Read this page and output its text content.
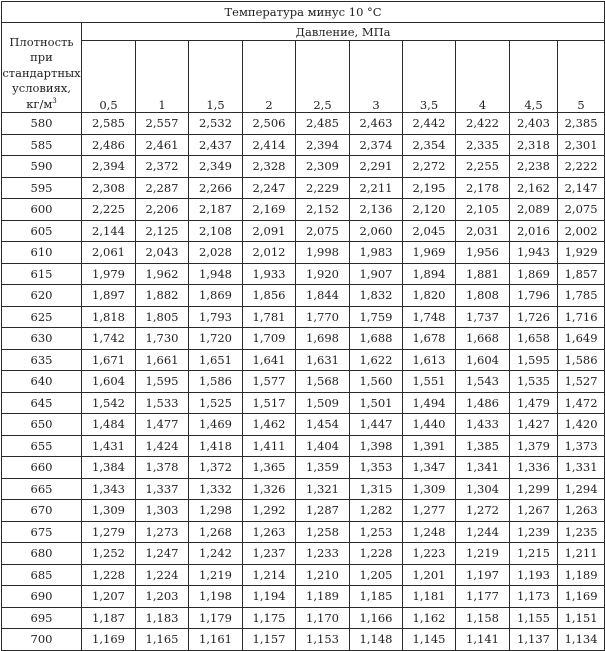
Температура минус 10 °С										
Плотность
при
стандартных
условиях,
$кг/м^3$	Давление, МПа									
	0,5	1	1,5	2	2,5	3	3,5	4	4,5	5
580	2,585	2,557	2,532	2,506	2,485	2,463	2,442	2,422	2,403	2,385
585	2,486	2,461	2,437	2,414	2,394	2,374	2,354	2,335	2,318	2,301
590	2,394	2,372	2,349	2,328	2,309	2,291	2,272	2,255	2,238	2,222
595	2,308	2,287	2,266	2,247	2,229	2,211	2,195	2,178	2,162	2,147
600	2,225	2,206	2,187	2,169	2,152	2,136	2,120	2,105	2,089	2,075
605	2,144	2,125	2,108	2,091	2,075	2,060	2,045	2,031	2,016	2,002
610	2,061	2,043	2,028	2,012	1,998	1,983	1,969	1,956	1,943	1,929
615	1,979	1,962	1,948	1,933	1,920	1,907	1,894	1,881	1,869	1,857
620	1,897	1,882	1,869	1,856	1,844	1,832	1,820	1,808	1,796	1,785
625	1,818	1,805	1,793	1,781	1,770	1,759	1,748	1,737	1,726	1,716
630	1,742	1,730	1,720	1,709	1,698	1,688	1,678	1,668	1,658	1,649
635	1,671	1,661	1,651	1,641	1,631	1,622	1,613	1,604	1,595	1,586
640	1,604	1,595	1,586	1,577	1,568	1,560	1,551	1,543	1,535	1,527
645	1,542	1,533	1,525	1,517	1,509	1,501	1,494	1,486	1,479	1,472
650	1,484	1,477	1,469	1,462	1,454	1,447	1,440	1,433	1,427	1,420
655	1,431	1,424	1,418	1,411	1,404	1,398	1,391	1,385	1,379	1,373
660	1,384	1,378	1,372	1,365	1,359	1,353	1,347	1,341	1,336	1,331
665	1,343	1,337	1,332	1,326	1,321	1,315	1,309	1,304	1,299	1,294
670	1,309	1,303	1,298	1,292	1,287	1,282	1,277	1,272	1,267	1,263
675	1,279	1,273	1,268	1,263	1,258	1,253	1,248	1,244	1,239	1,235
680	1,252	1,247	1,242	1,237	1,233	1,228	1,223	1,219	1,215	1,211
685	1,228	1,224	1,219	1,214	1,210	1,205	1,201	1,197	1,193	1,189
690	1,207	1,203	1,198	1,194	1,189	1,185	1,181	1,177	1,173	1,169
695	1,187	1,183	1,179	1,175	1,170	1,166	1,162	1,158	1,155	1,151
700	1,169	1,165	1,161	1,157	1,153	1,148	1,145	1,141	1,137	1,134
